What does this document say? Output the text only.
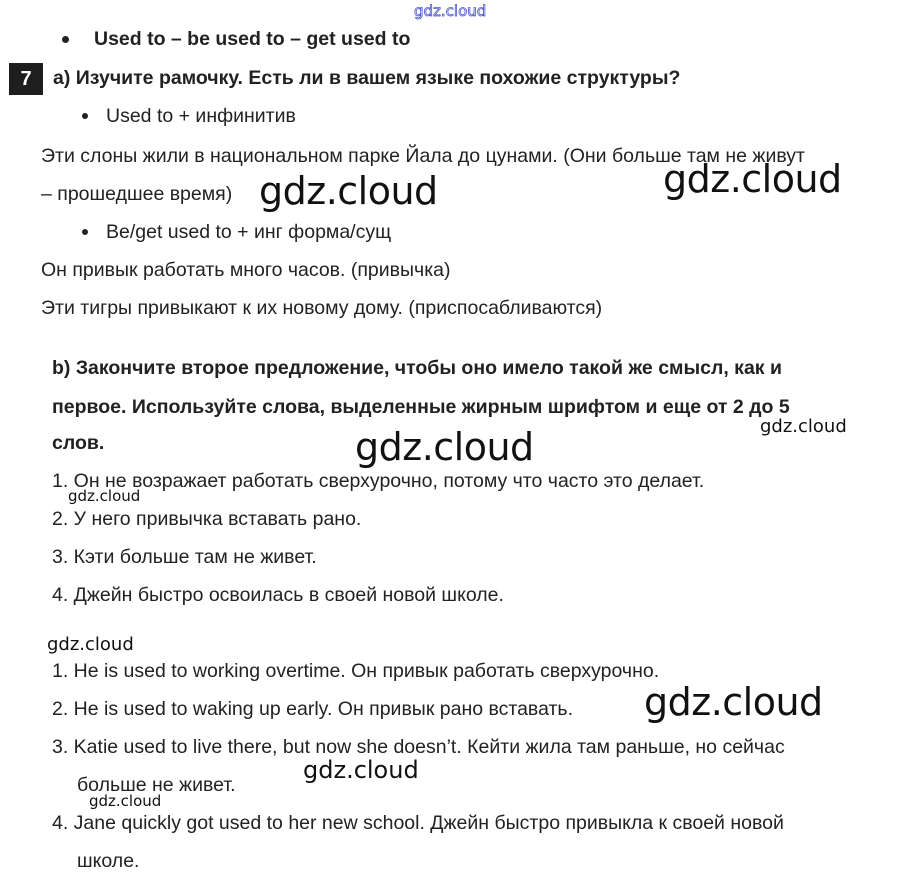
gdz.cloud
Used to – be used to – get used to
7	a) Изучите рамочку. Есть ли в вашем языке похожие структуры?
Used to + инфинитив
Эти слоны жили в национальном парке Йала до цунами. (Они больше там не живут
– прошедшее время)
Be/get used to + инг форма/сущ
Он привык работать много часов. (привычка)
Эти тигры привыкают к их новому дому. (приспосабливаются)
b) Закончите второе предложение, чтобы оно имело такой же смысл, как и
первое. Используйте слова, выделенные жирным шрифтом и еще от 2 до 5
слов.
1. Он не возражает работать сверхурочно, потому что часто это делает.
2. У него привычка вставать рано.
3. Кэти больше там не живет.
4. Джейн быстро освоилась в своей новой школе.
1. He is used to working overtime. Он привык работать сверхурочно.
2. He is used to waking up early. Он привык рано вставать.
3. Katie used to live there, but now she doesn’t. Кейти жила там раньше, но сейчас
больше не живет.
4. Jane quickly got used to her new school. Джейн быстро привыкла к своей новой
школе.
gdz.cloud	gdz.cloud
gdz.cloud	gdz.cloud
gdz.cloud
gdz.cloud
gdz.cloud
gdz.cloud
gdz.cloud
